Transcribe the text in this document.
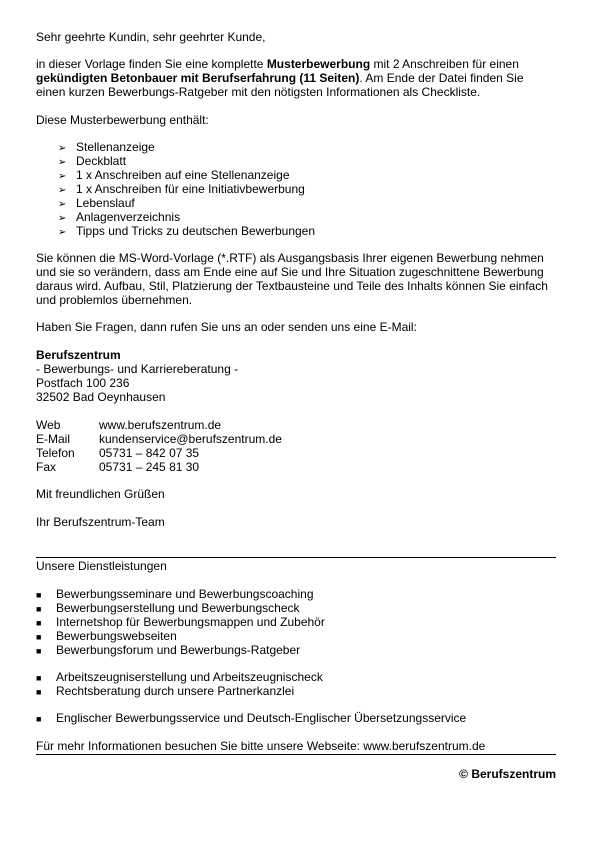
Sehr geehrte Kundin, sehr geehrter Kunde,
in dieser Vorlage finden Sie eine komplette Musterbewerbung mit 2 Anschreiben für einen
gekündigten Betonbauer mit Berufserfahrung (11 Seiten). Am Ende der Datei finden Sie
einen kurzen Bewerbungs-Ratgeber mit den nötigsten Informationen als Checkliste.
Diese Musterbewerbung enthält:
➢ Stellenanzeige
➢ Deckblatt
➢ 1 x Anschreiben auf eine Stellenanzeige
➢ 1 x Anschreiben für eine Initiativbewerbung
➢ Lebenslauf
➢ Anlagenverzeichnis
➢ Tipps und Tricks zu deutschen Bewerbungen
Sie können die MS-Word-Vorlage (*.RTF) als Ausgangsbasis Ihrer eigenen Bewerbung nehmen
und sie so verändern, dass am Ende eine auf Sie und Ihre Situation zugeschnittene Bewerbung
daraus wird. Aufbau, Stil, Platzierung der Textbausteine und Teile des Inhalts können Sie einfach
und problemlos übernehmen.
Haben Sie Fragen, dann rufen Sie uns an oder senden uns eine E-Mail:
Berufszentrum
- Bewerbungs- und Karriereberatung -
Postfach 100 236
32502 Bad Oeynhausen
Web	www.berufszentrum.de
E-Mail kundenservice@berufszentrum.de
Telefon 05731 – 842 07 35
Fax	05731 – 245 81 30
Mit freundlichen Grüßen
Ihr Berufszentrum-Team
Unsere Dienstleistungen
■ Bewerbungsseminare und Bewerbungscoaching
■ Bewerbungserstellung und Bewerbungscheck
■ Internetshop für Bewerbungsmappen und Zubehör
■ Bewerbungswebseiten
■ Bewerbungsforum und Bewerbungs-Ratgeber
■ Arbeitszeugniserstellung und Arbeitszeugnischeck
■ Rechtsberatung durch unsere Partnerkanzlei
■ Englischer Bewerbungsservice und Deutsch-Englischer Übersetzungsservice
Für mehr Informationen besuchen Sie bitte unsere Webseite: www.berufszentrum.de
© Berufszentrum
